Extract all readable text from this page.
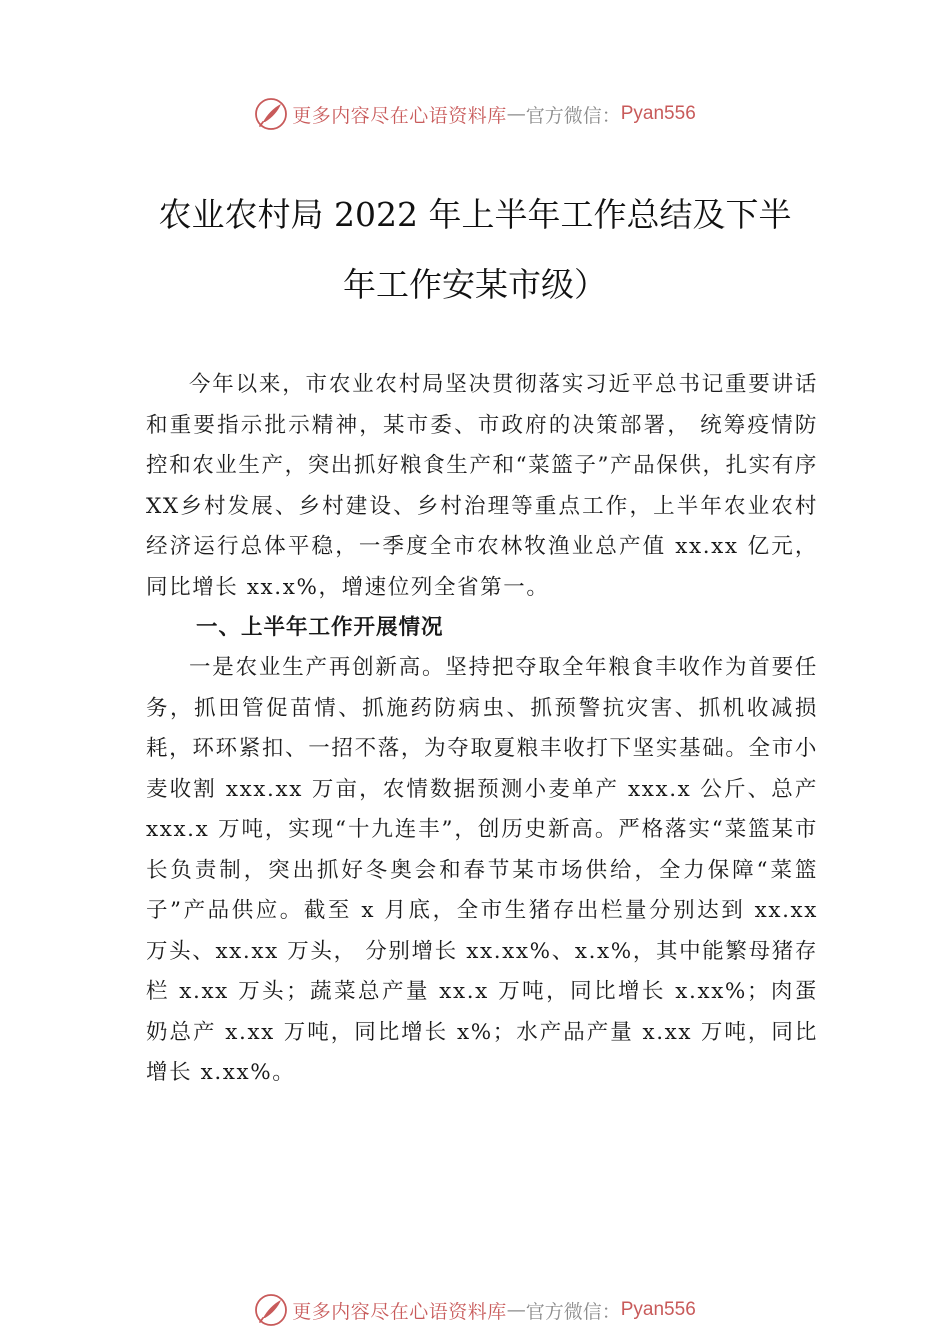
更多内容尽在心语资料库 — 官方微信： Pyan556
农业农村局 2022 年上半年工作总结及下半
年工作安某市级）

今年以来，市农业农村局坚决贯彻落实习近平总书记重要讲话和重要指示批示精神，某市委、市政府的决策部署， 统筹疫情防控和农业生产，突出抓好粮食生产和“菜篮子”产品保供，扎实有序XX乡村发展、乡村建设、乡村治理等重点工作，上半年农业农村经济运行总体平稳，一季度全市农林牧渔业总产值 xx.xx 亿元，同比增长 xx.x%，增速位列全省第一。

一、上半年工作开展情况

一是农业生产再创新高。坚持把夺取全年粮食丰收作为首要任务，抓田管促苗情、抓施药防病虫、抓预警抗灾害、抓机收减损耗，环环紧扣、一招不落，为夺取夏粮丰收打下坚实基础。全市小麦收割 xxx.xx 万亩，农情数据预测小麦单产 xxx.x 公斤、总产 xxx.x 万吨，实现“十九连丰”，创历史新高。严格落实“菜篮某市长负责制，突出抓好冬奥会和春节某市场供给，全力保障“菜篮子”产品供应。截至 x 月底，全市生猪存出栏量分别达到 xx.xx 万头、xx.xx 万头， 分别增长 xx.xx%、x.x%，其中能繁母猪存栏 x.xx 万头；蔬菜总产量 xx.x 万吨，同比增长 x.xx%；肉蛋奶总产 x.xx 万吨，同比增长 x%；水产品产量 x.xx 万吨，同比增长 x.xx%。

更多内容尽在心语资料库 — 官方微信： Pyan556
